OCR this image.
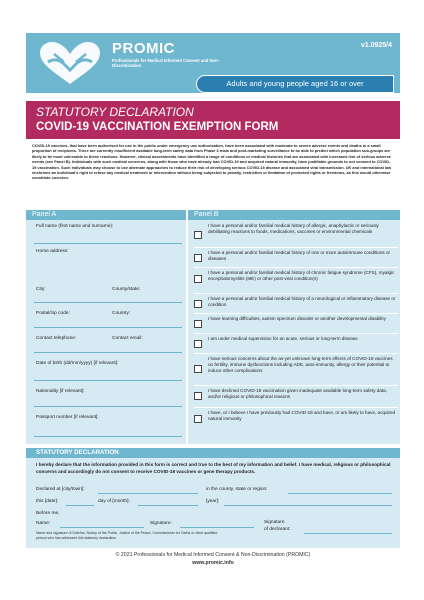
PROMIC
Professionals for Medical Informed Consent and Non-Discrimination
v1.0925/4
Adults and young people aged 16 or over
STATUTORY DECLARATION
COVID-19 VACCINATION EXEMPTION FORM
COVID-19 vaccines, that have been authorised for use in the public under emergency use authorisation, have been associated with moderate to severe adverse events and deaths in a small proportion of recipients. There are currently insufficient available long-term safety data from Phase 3 trials and post-marketing surveillance to be able to predict which population sub-groups are likely to be most vulnerable to these reactions. However, clinical assessments have identified a range of conditions or medical histories that are associated with increased risk of serious adverse events (see Panel B). Individuals with such medical concerns, along with those who have already had COVID-19 and acquired natural immunity, have justifiable grounds to not consent to COVID-19 vaccination. Such individuals may choose to use alternate approaches to reduce their risk of developing serious COVID-19 disease and associated viral transmission. UK and international law enshrines an individual's right to refuse any medical treatment or intervention without being subjected to penalty, restriction or limitation of protected rights or freedoms, as this would otherwise constitute coercion.
Panel A
Full name (first name and surname):
Home address:
City:	County/state:
Postal/zip code:	Country:
Contact telephone:	Contact email:
Date of birth (dd/mm/yyyy) [if relevant]:
Nationality [if relevant]:
Passport number [if relevant]:
Panel B
I have a personal and/or familial medical history of allergic, anaphylactic or seriously debilitating reactions to foods, medications, vaccines or environmental chemicals
I have a personal and/or familial medical history of one or more autoimmune conditions or diseases
I have a personal and/or familial medical history of chronic fatigue syndrome (CFS), myalgic encephalomyelitis (ME) or other post-viral condition(s)
I have a personal and/or familial medical history of a neurological or inflammatory disease or condition
I have learning difficulties, autism spectrum disorder or another developmental disability
I am under medical supervision for an acute, serious or long-term disease
I have serious concerns about the as-yet unknown long-term effects of COVID-19 vaccines on fertility, immune dysfunctions including ADE, auto-immunity, allergy or their potential to induce other complications
I have declined COVID-19 vaccination given inadequate available long-term safety data, and/or religious or philosophical reasons
I have, or I believe I have previously had COVID-19 and have, or am likely to have, acquired natural immunity
STATUTORY DECLARATION
I hereby declare that the information provided in this form is correct and true to the best of my information and belief. I have medical, religious or philosophical concerns and accordingly do not consent to receive COVID-19 vaccines or gene therapy products.
Declared at [city/town]:	in the county, state or region:
this [date]:	day of [month]:	[year]:
Before me,
Name:	Signature:	Signature
of declarant:
Name and signature of Solicitor, Notary of the Public, Justice of the Peace, Commissioner for Oaths or other qualified person who has witnessed this statutory declaration
© 2021 Professionals for Medical Informed Consent & Non-Discrimination (PROMIC)
www.promic.info
